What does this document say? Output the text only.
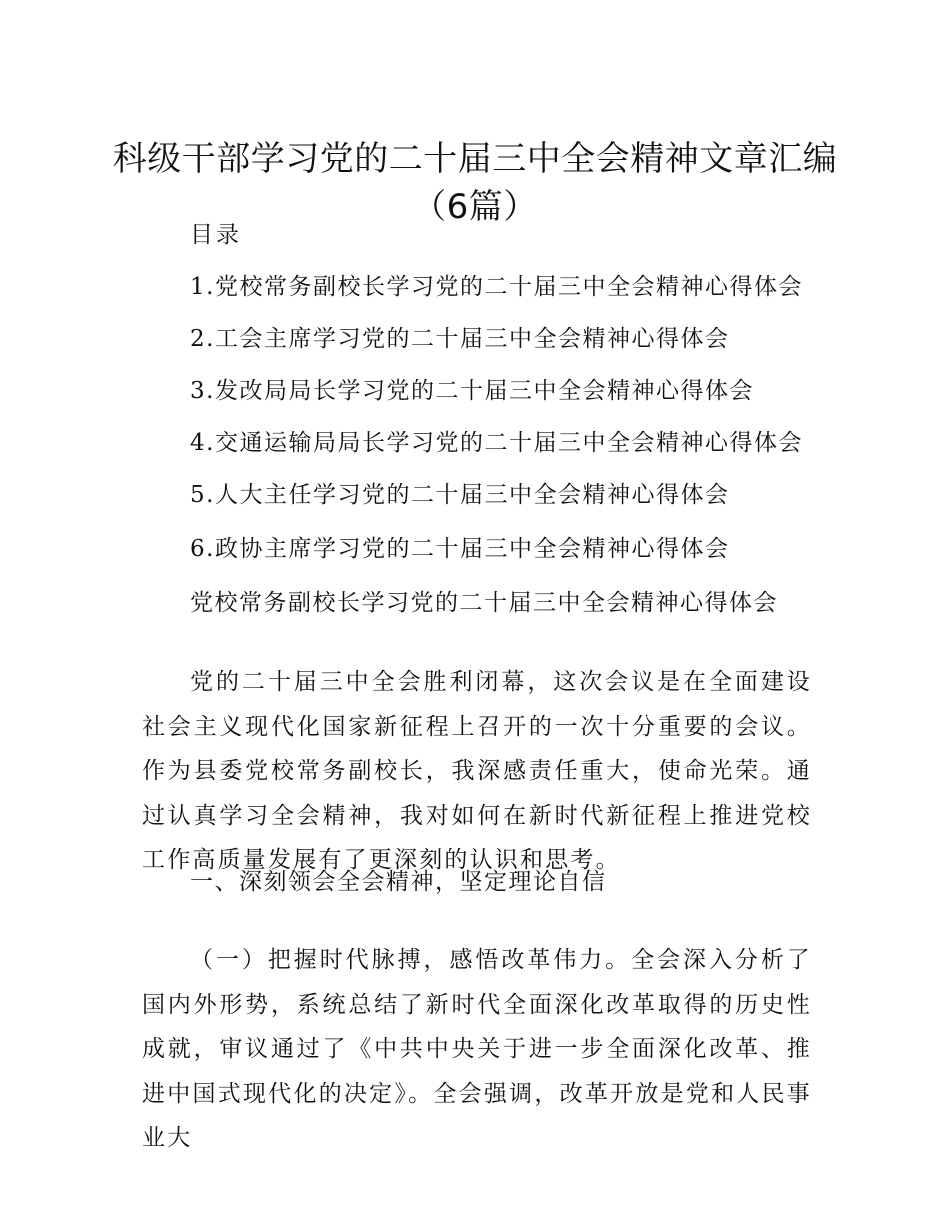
科级干部学习党的二十届三中全会精神文章汇编（6篇）
目录
1.党校常务副校长学习党的二十届三中全会精神心得体会
2.工会主席学习党的二十届三中全会精神心得体会
3.发改局局长学习党的二十届三中全会精神心得体会
4.交通运输局局长学习党的二十届三中全会精神心得体会
5.人大主任学习党的二十届三中全会精神心得体会
6.政协主席学习党的二十届三中全会精神心得体会
党校常务副校长学习党的二十届三中全会精神心得体会

党的二十届三中全会胜利闭幕，这次会议是在全面建设社会主义现代化国家新征程上召开的一次十分重要的会议。作为县委党校常务副校长，我深感责任重大，使命光荣。通过认真学习全会精神，我对如何在新时代新征程上推进党校工作高质量发展有了更深刻的认识和思考。

一、深刻领会全会精神，坚定理论自信

（一）把握时代脉搏，感悟改革伟力。全会深入分析了国内外形势，系统总结了新时代全面深化改革取得的历史性成就，审议通过了《中共中央关于进一步全面深化改革、推进中国式现代化的决定》。全会强调，改革开放是党和人民事业大
